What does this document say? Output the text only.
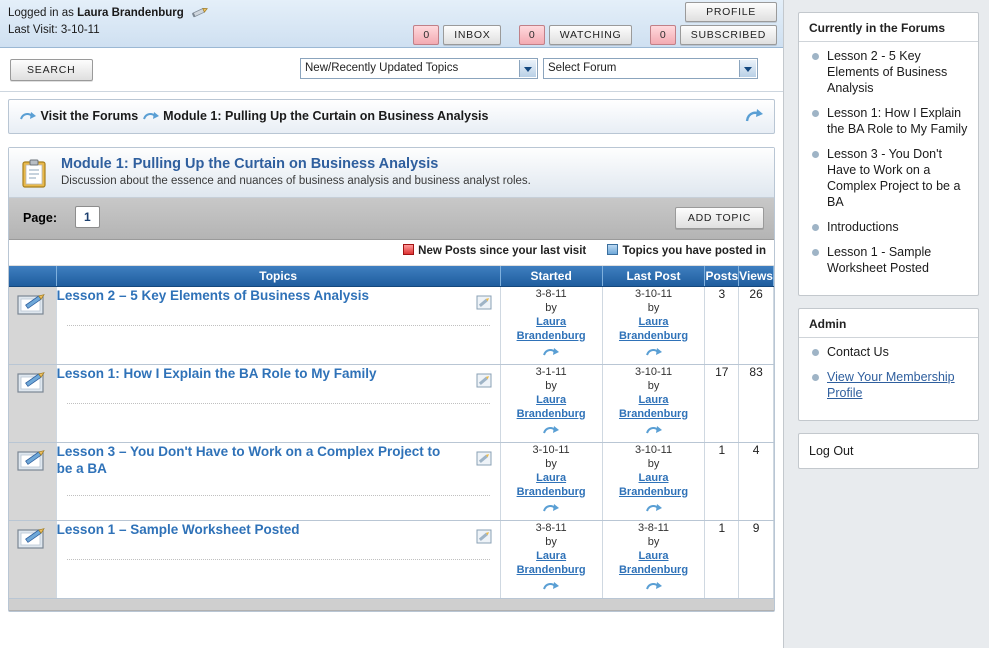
Logged in as Laura Brandenburg
Last Visit: 3-10-11
PROFILE
0 INBOX	0 WATCHING	0 SUBSCRIBED
SEARCH	New/Recently Updated Topics	Select Forum
Visit the Forums Module 1: Pulling Up the Curtain on Business Analysis
Module 1: Pulling Up the Curtain on Business Analysis
Discussion about the essence and nuances of business analysis and business analyst roles.
Page:	1	ADD TOPIC
New Posts since your last visit	Topics you have posted in
	Topics	Started	Last Post	Posts	Views
	Lesson 2 – 5 Key Elements of Business Analysis	3-8-11
by
Laura Brandenburg	3-10-11
by
Laura Brandenburg	3	26
	Lesson 1: How I Explain the BA Role to My Family	3-1-11
by
Laura Brandenburg	3-10-11
by
Laura Brandenburg	17	83
	Lesson 3 – You Don't Have to Work on a Complex Project to be a BA	3-10-11
by
Laura Brandenburg	3-10-11
by
Laura Brandenburg	1	4
	Lesson 1 – Sample Worksheet Posted	3-8-11
by
Laura Brandenburg	3-8-11
by
Laura Brandenburg	1	9
Currently in the Forums
Lesson 2 - 5 Key Elements of Business Analysis
Lesson 1: How I Explain the BA Role to My Family
Lesson 3 - You Don't Have to Work on a Complex Project to be a BA
Introductions
Lesson 1 - Sample Worksheet Posted
Admin
Contact Us
View Your Membership Profile
Log Out
